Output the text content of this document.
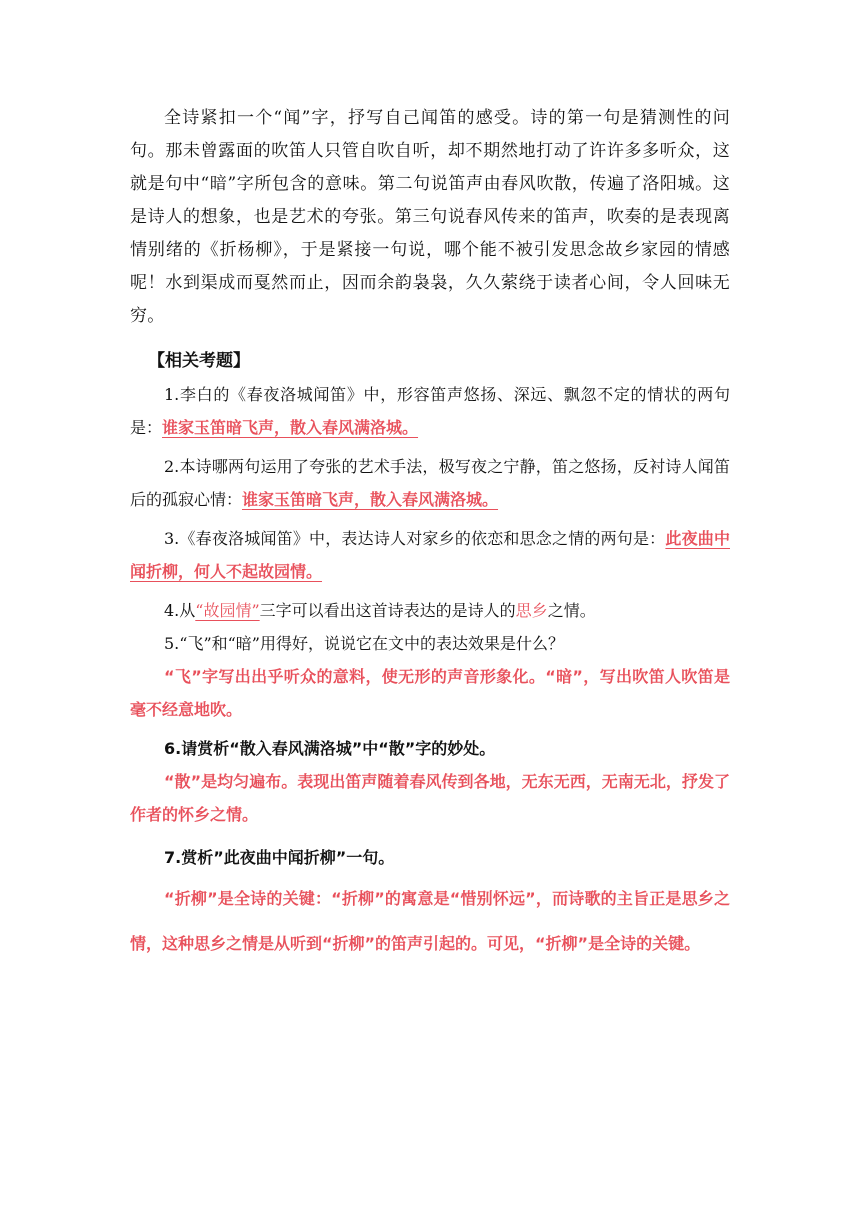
全诗紧扣一个“闻”字，抒写自己闻笛的感受。诗的第一句是猜测性的问句。那未曾露面的吹笛人只管自吹自听，却不期然地打动了许许多多听众，这就是句中“暗”字所包含的意味。第二句说笛声由春风吹散，传遍了洛阳城。这是诗人的想象，也是艺术的夸张。第三句说春风传来的笛声，吹奏的是表现离情别绪的《折杨柳》，于是紧接一句说，哪个能不被引发思念故乡家园的情感呢！水到渠成而戛然而止，因而余韵袅袅，久久萦绕于读者心间，令人回味无穷。

【相关考题】

1.李白的《春夜洛城闻笛》中，形容笛声悠扬、深远、飘忽不定的情状的两句是：谁家玉笛暗飞声，散入春风满洛城。

2.本诗哪两句运用了夸张的艺术手法，极写夜之宁静，笛之悠扬，反衬诗人闻笛后的孤寂心情：谁家玉笛暗飞声，散入春风满洛城。

3.《春夜洛城闻笛》中，表达诗人对家乡的依恋和思念之情的两句是：此夜曲中闻折柳，何人不起故园情。

4.从“故园情”三字可以看出这首诗表达的是诗人的思乡之情。

5.“飞”和“暗”用得好，说说它在文中的表达效果是什么？

“飞”字写出出乎听众的意料，使无形的声音形象化。“暗”，写出吹笛人吹笛是毫不经意地吹。

6.请赏析“散入春风满洛城”中“散”字的妙处。

“散”是均匀遍布。表现出笛声随着春风传到各地，无东无西，无南无北，抒发了作者的怀乡之情。

7.赏析”此夜曲中闻折柳”一句。

“折柳”是全诗的关键：“折柳”的寓意是“惜别怀远”，而诗歌的主旨正是思乡之情，这种思乡之情是从听到“折柳”的笛声引起的。可见，“折柳”是全诗的关键。
